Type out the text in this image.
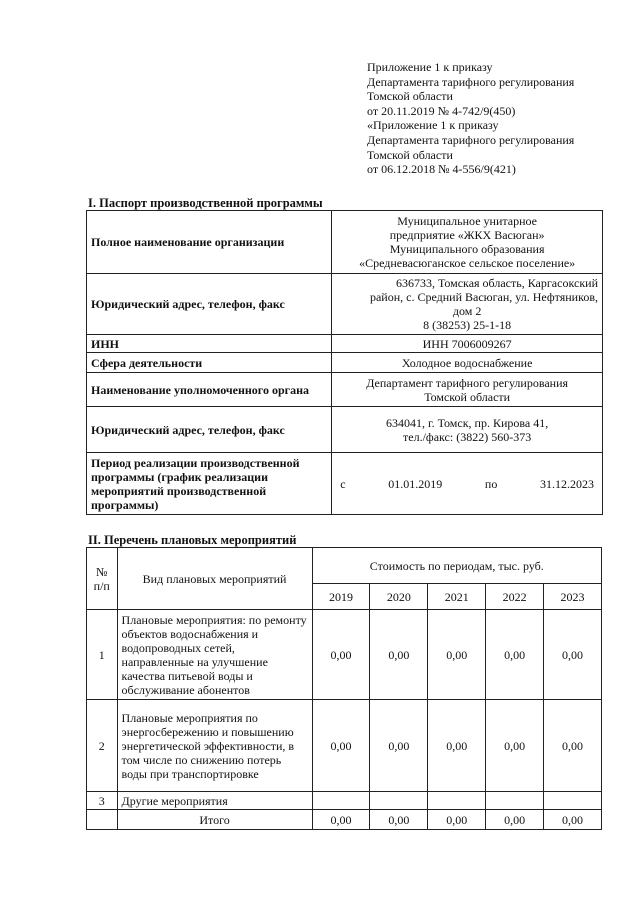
Приложение 1 к приказу
Департамента тарифного регулирования
Томской области
от 20.11.2019 № 4-742/9(450)
«Приложение 1 к приказу
Департамента тарифного регулирования
Томской области
от 06.12.2018 № 4-556/9(421)
I. Паспорт производственной программы
Полное наименование организации	Муниципальное унитарное
предприятие «ЖКХ Васюган»
Муниципального образования
«Средневасюганское сельское поселение»

Юридический адрес, телефон, факс	636733, Томская область, Каргасокский
район, с. Средний Васюган, ул. Нефтяников,
дом 2
8 (38253) 25-1-18

ИНН	ИНН 7006009267
Сфера деятельности	Холодное водоснабжение
Наименование уполномоченного органа	Департамент тарифного регулирования
Томской области

Юридический адрес, телефон, факс	634041, г. Томск, пр. Кирова 41,
тел./факс: (3822) 560-373

Период реализации производственной программы (график реализации мероприятий производственной программы)	с 01.01.2019 по 31.12.2023
II. Перечень плановых мероприятий
№ п/п	Вид плановых мероприятий	Стоимость по периодам, тыс. руб.				
		2019	2020	2021	2022	2023
1	Плановые мероприятия: по ремонту объектов водоснабжения и водопроводных сетей, направленные на улучшение качества питьевой воды и обслуживание абонентов	0,00	0,00	0,00	0,00	0,00
2	Плановые мероприятия по энергосбережению и повышению энергетической эффективности, в том числе по снижению потерь воды при транспортировке	0,00	0,00	0,00	0,00	0,00
3	Другие мероприятия					
	Итого	0,00	0,00	0,00	0,00	0,00
